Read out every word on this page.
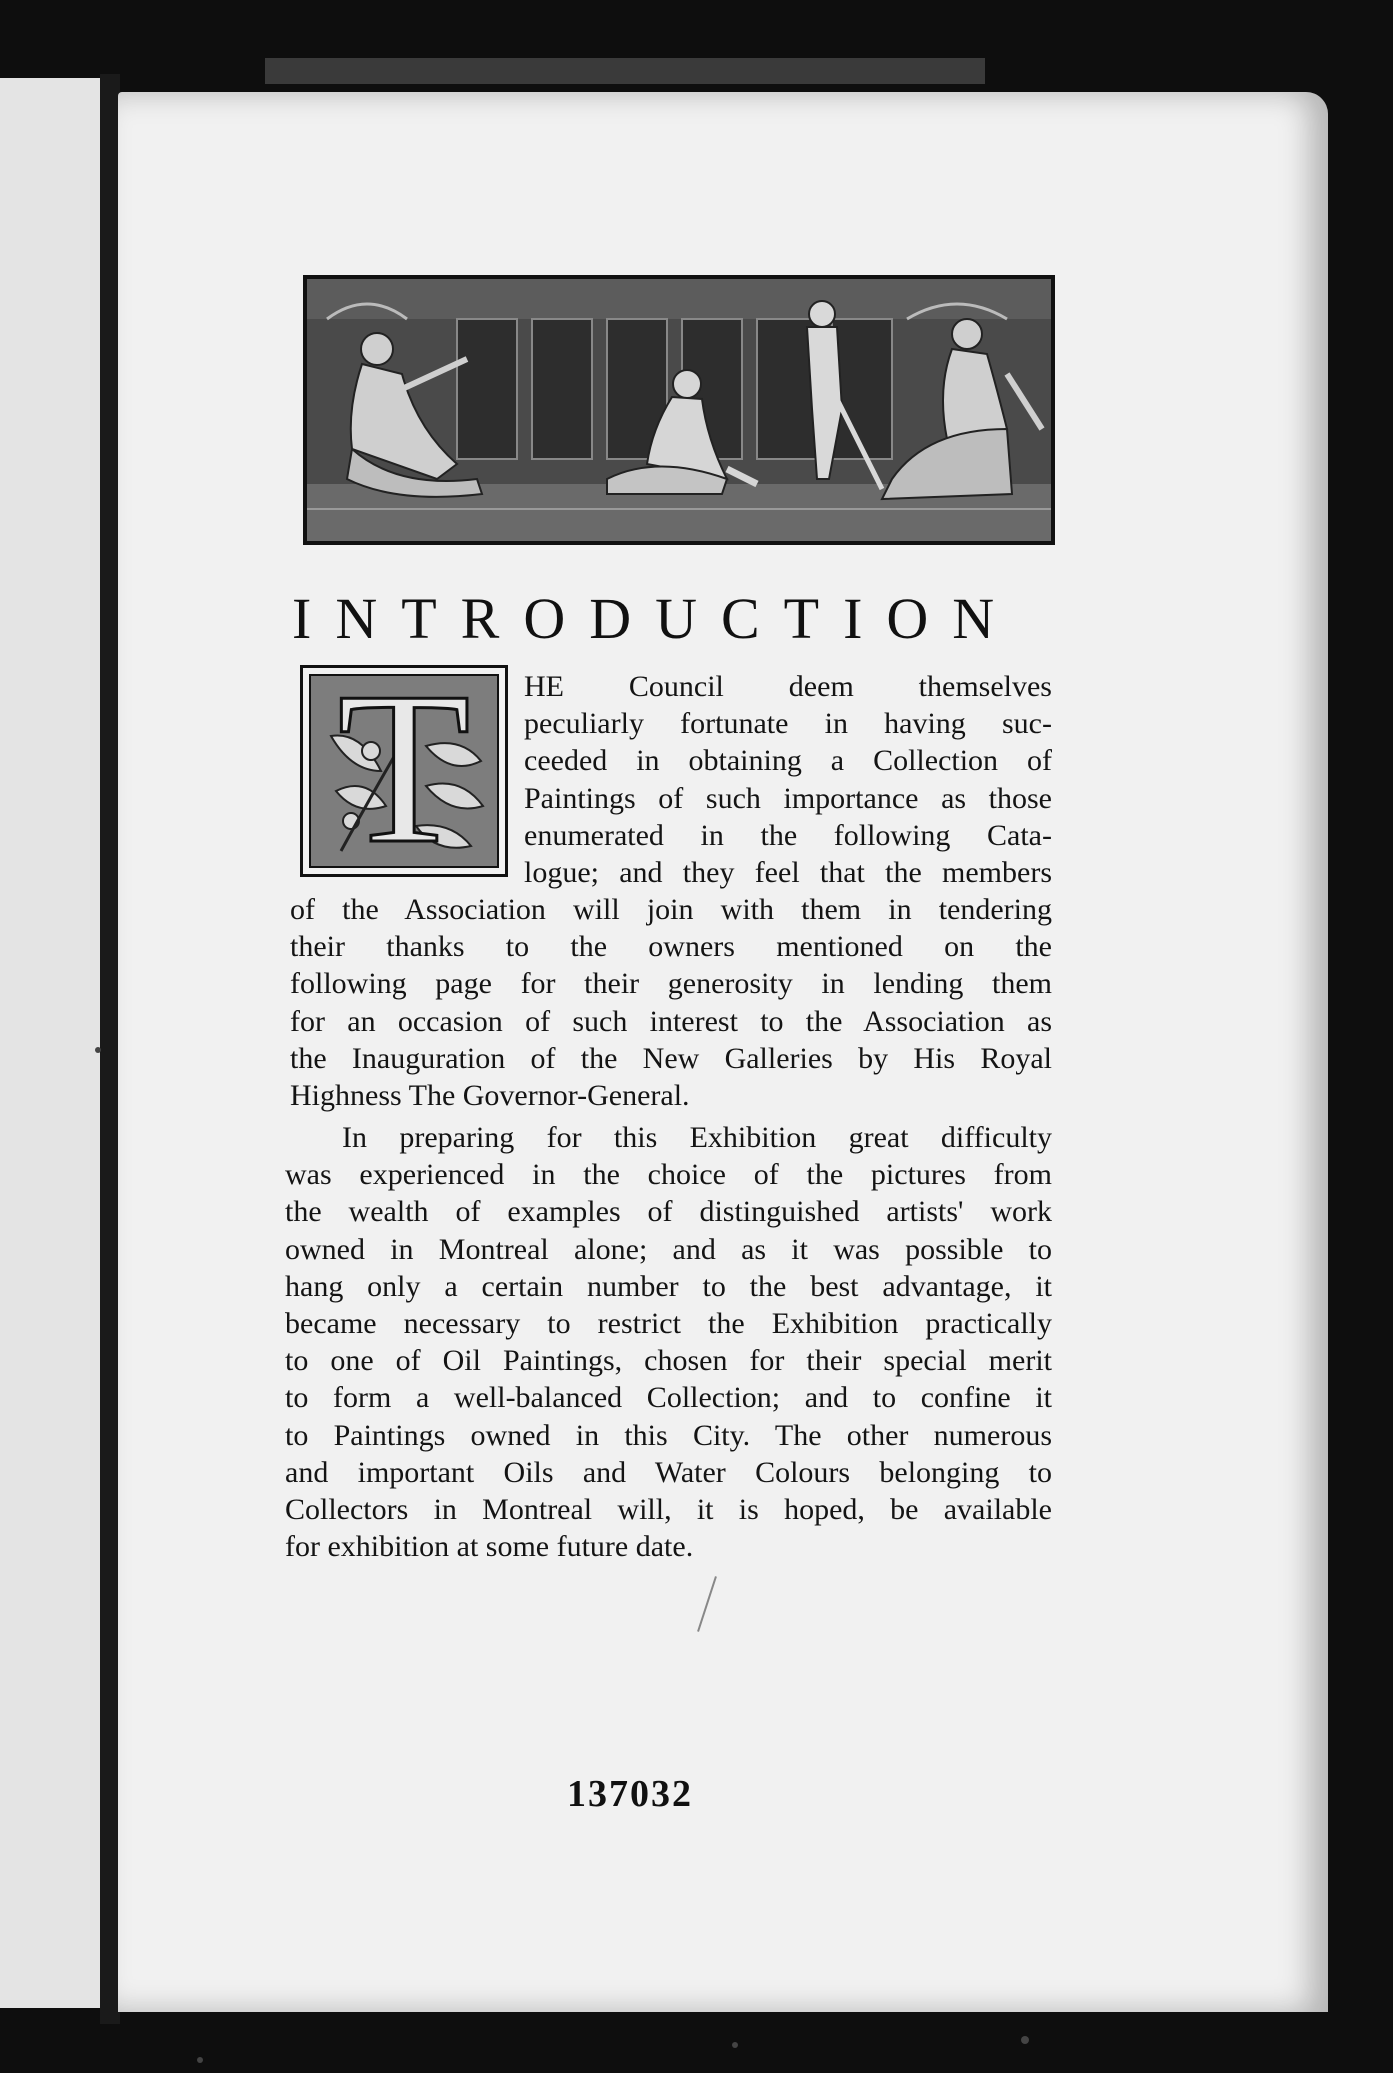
INTRODUCTION
T	HE Council deem themselves
peculiarly fortunate in having suc-
ceeded in obtaining a Collection of
Paintings of such importance as those
enumerated in the following Cata-
logue; and they feel that the members

of the Association will join with them in tendering
their thanks to the owners mentioned on the
following page for their generosity in lending them
for an occasion of such interest to the Association as
the Inauguration of the New Galleries by His Royal
Highness The Governor-General.

In preparing for this Exhibition great difficulty
was experienced in the choice of the pictures from
the wealth of examples of distinguished artists' work
owned in Montreal alone; and as it was possible to
hang only a certain number to the best advantage, it
became necessary to restrict the Exhibition practically
to one of Oil Paintings, chosen for their special merit
to form a well-balanced Collection; and to confine it
to Paintings owned in this City. The other numerous
and important Oils and Water Colours belonging to
Collectors in Montreal will, it is hoped, be available
for exhibition at some future date.

137032
